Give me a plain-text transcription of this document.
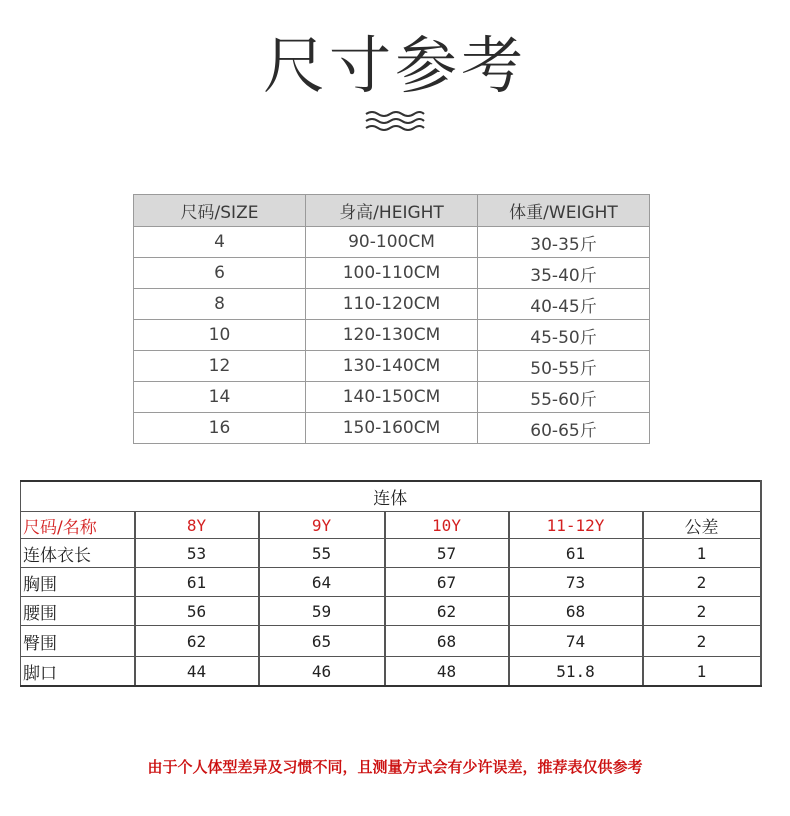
尺寸参考
尺码/SIZE	身高/HEIGHT	体重/WEIGHT
4	90-100CM	30-35斤
6	100-110CM	35-40斤
8	110-120CM	40-45斤
10	120-130CM	45-50斤
12	130-140CM	50-55斤
14	140-150CM	55-60斤
16	150-160CM	60-65斤
连体					
尺码/名称	8Y	9Y	10Y	11-12Y	公差
连体衣长	53	55	57	61	1
胸围	61	64	67	73	2
腰围	56	59	62	68	2
臀围	62	65	68	74	2
脚口	44	46	48	51.8	1
由于个人体型差异及习惯不同，且测量方式会有少许误差，推荐表仅供参考
